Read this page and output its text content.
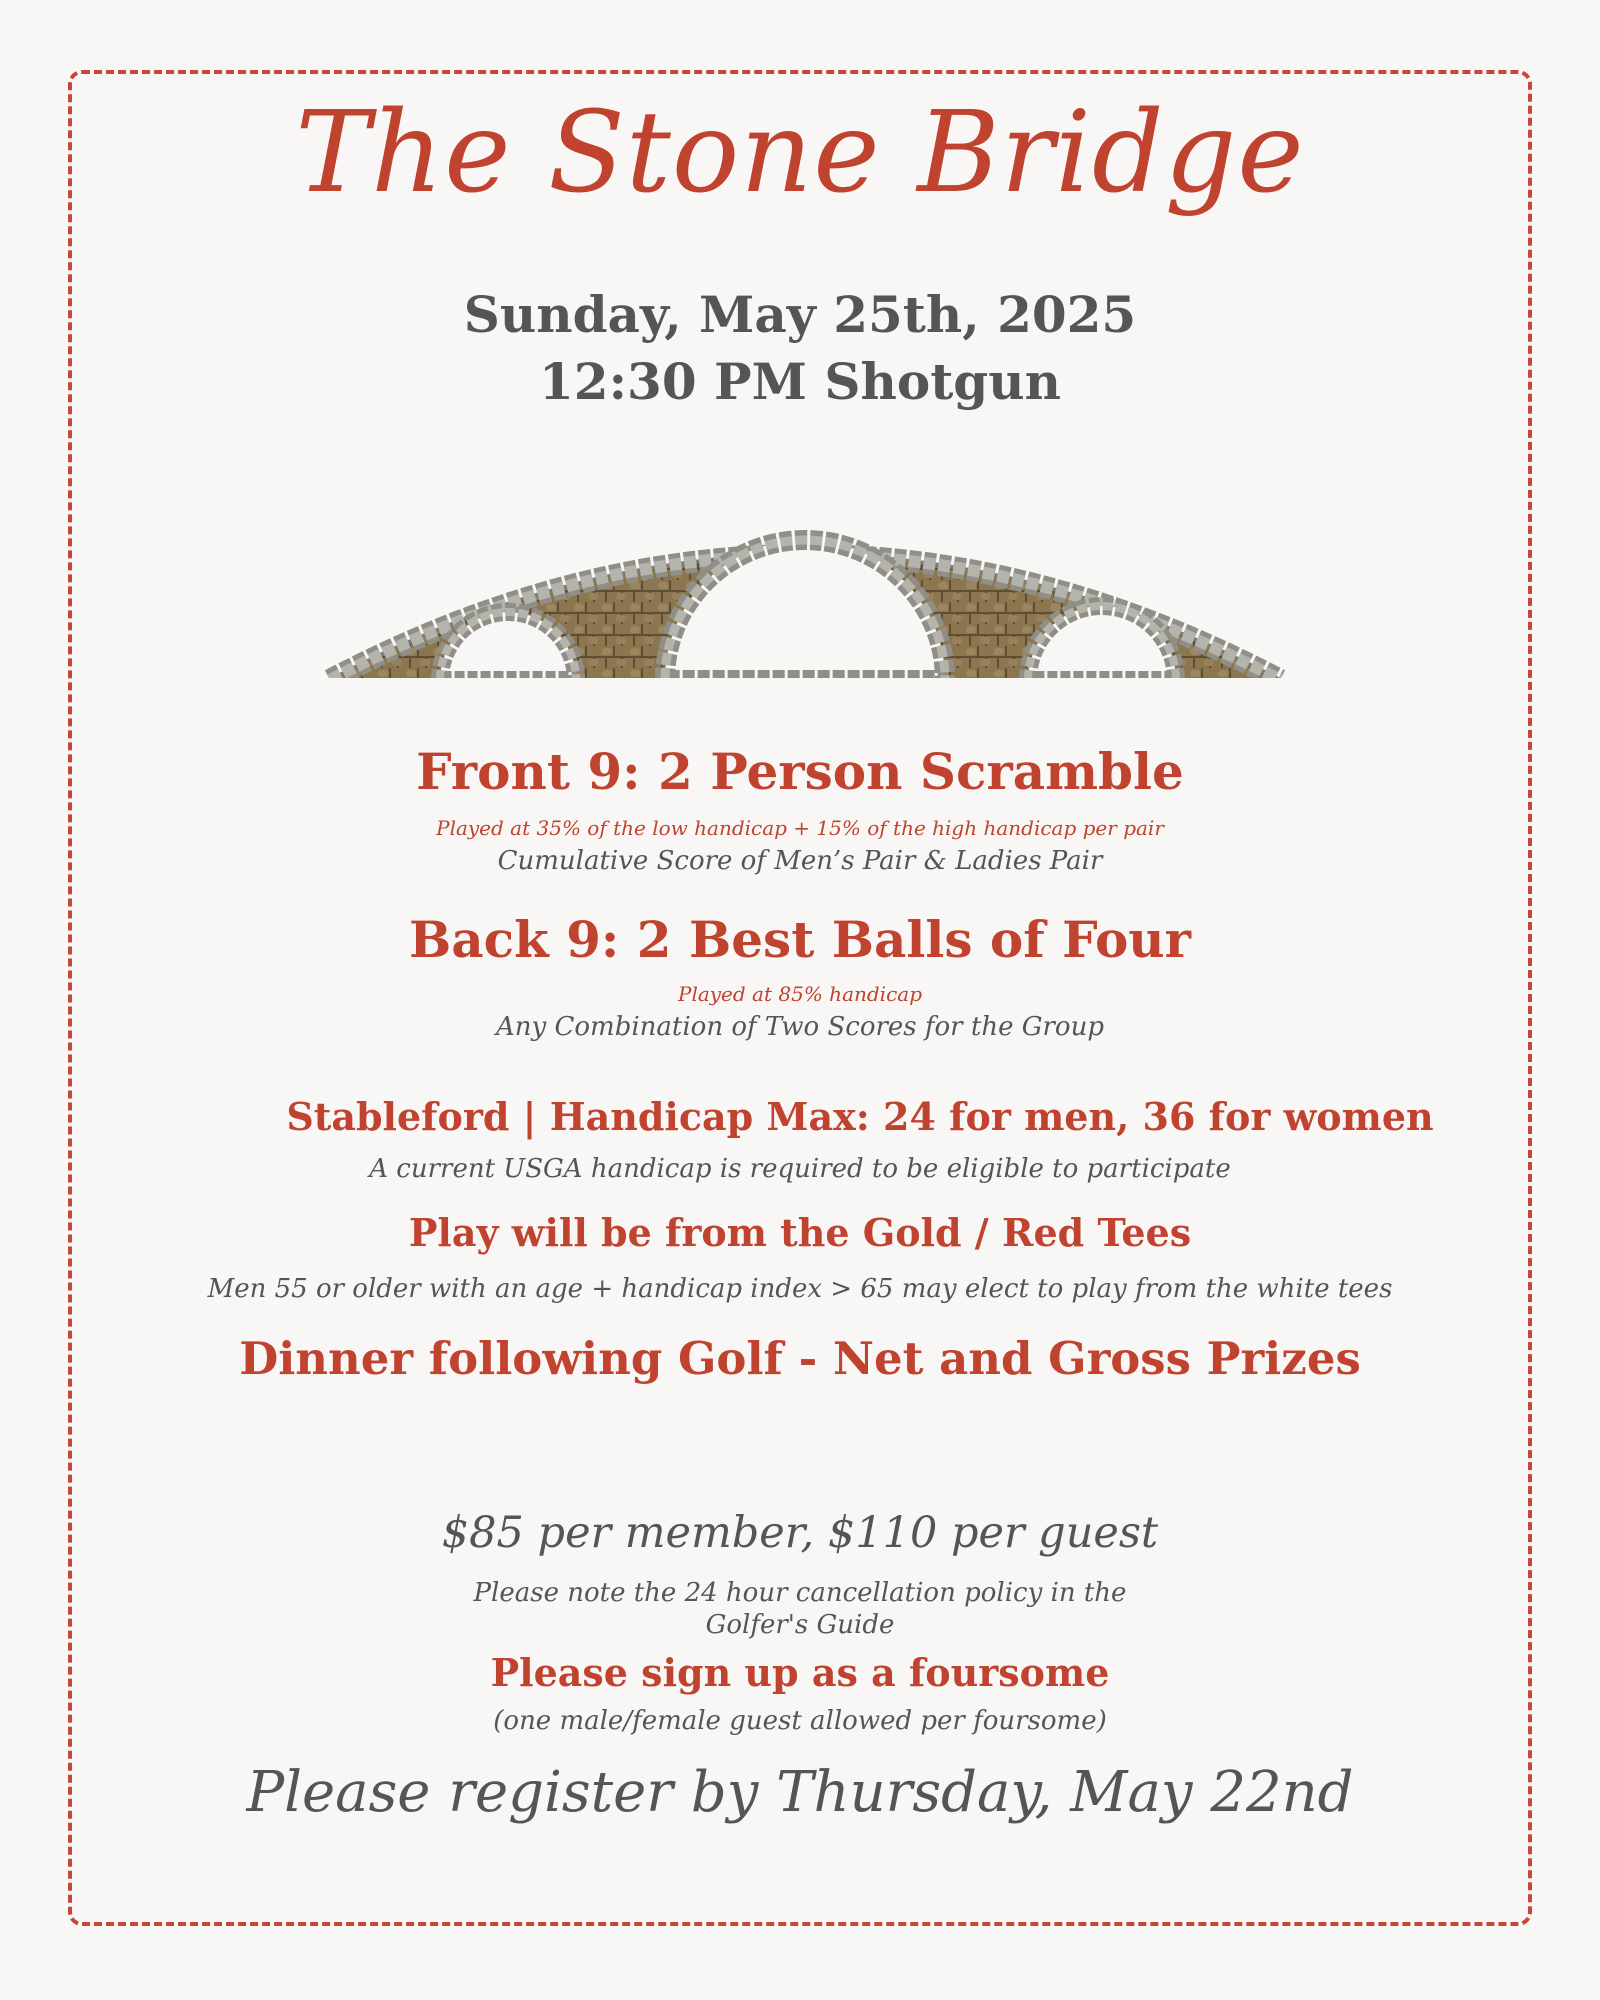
The Stone Bridge
Sunday, May 25th, 2025
12:30 PM Shotgun
Front 9: 2 Person Scramble
Played at 35% of the low handicap + 15% of the high handicap per pair
Cumulative Score of Men’s Pair & Ladies Pair
Back 9: 2 Best Balls of Four
Played at 85% handicap
Any Combination of Two Scores for the Group
Stableford | Handicap Max: 24 for men, 36 for women
A current USGA handicap is required to be eligible to participate
Play will be from the Gold / Red Tees
Men 55 or older with an age + handicap index > 65 may elect to play from the white tees
Dinner following Golf - Net and Gross Prizes
$85 per member, $110 per guest
Please note the 24 hour cancellation policy in the
Golfer's Guide
Please sign up as a foursome
(one male/female guest allowed per foursome)
Please register by Thursday, May 22nd
